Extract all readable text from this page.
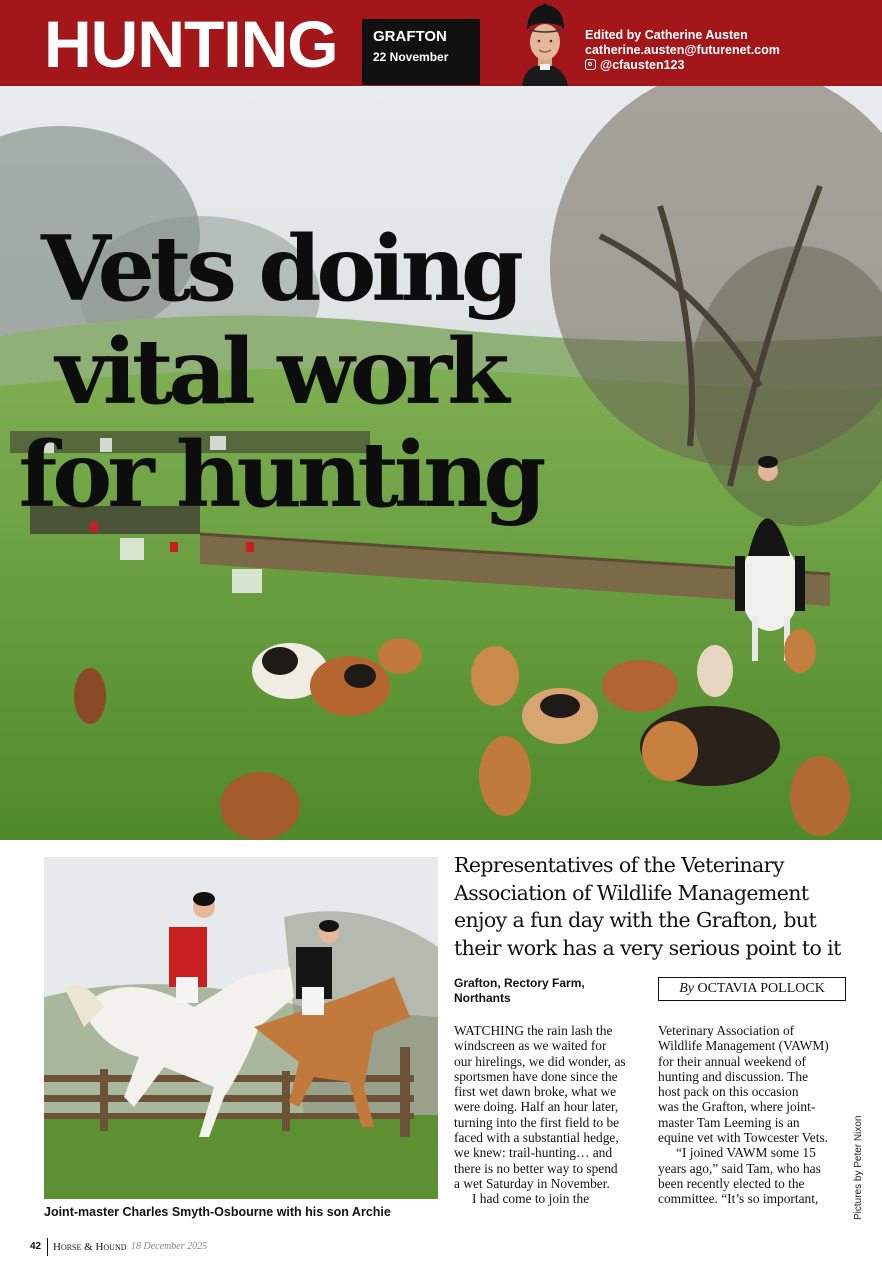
HUNTING GRAFTON
22 November
Edited by Catherine Austen
catherine.austen@futurenet.com
@cfausten123
Vets doing
vital work
for hunting
Joint-master Charles Smyth-Osbourne with his son Archie
Representatives of the Veterinary
Association of Wildlife Management
enjoy a fun day with the Grafton, but
their work has a very serious point to it
Grafton, Rectory Farm,
Northants
By OCTAVIA POLLOCK
WATCHING the rain lash the
windscreen as we waited for
our hirelings, we did wonder, as
sportsmen have done since the
first wet dawn broke, what we
were doing. Half an hour later,
turning into the first field to be
faced with a substantial hedge,
we knew: trail-hunting… and
there is no better way to spend
a wet Saturday in November.
I had come to join the
Veterinary Association of
Wildlife Management (VAWM)
for their annual weekend of
hunting and discussion. The
host pack on this occasion
was the Grafton, where joint-
master Tam Leeming is an
equine vet with Towcester Vets.
“I joined VAWM some 15
years ago,” said Tam, who has
been recently elected to the
committee. “It’s so important,	Pictures by Peter Nixon
42 Horse & Hound 18 December 2025
